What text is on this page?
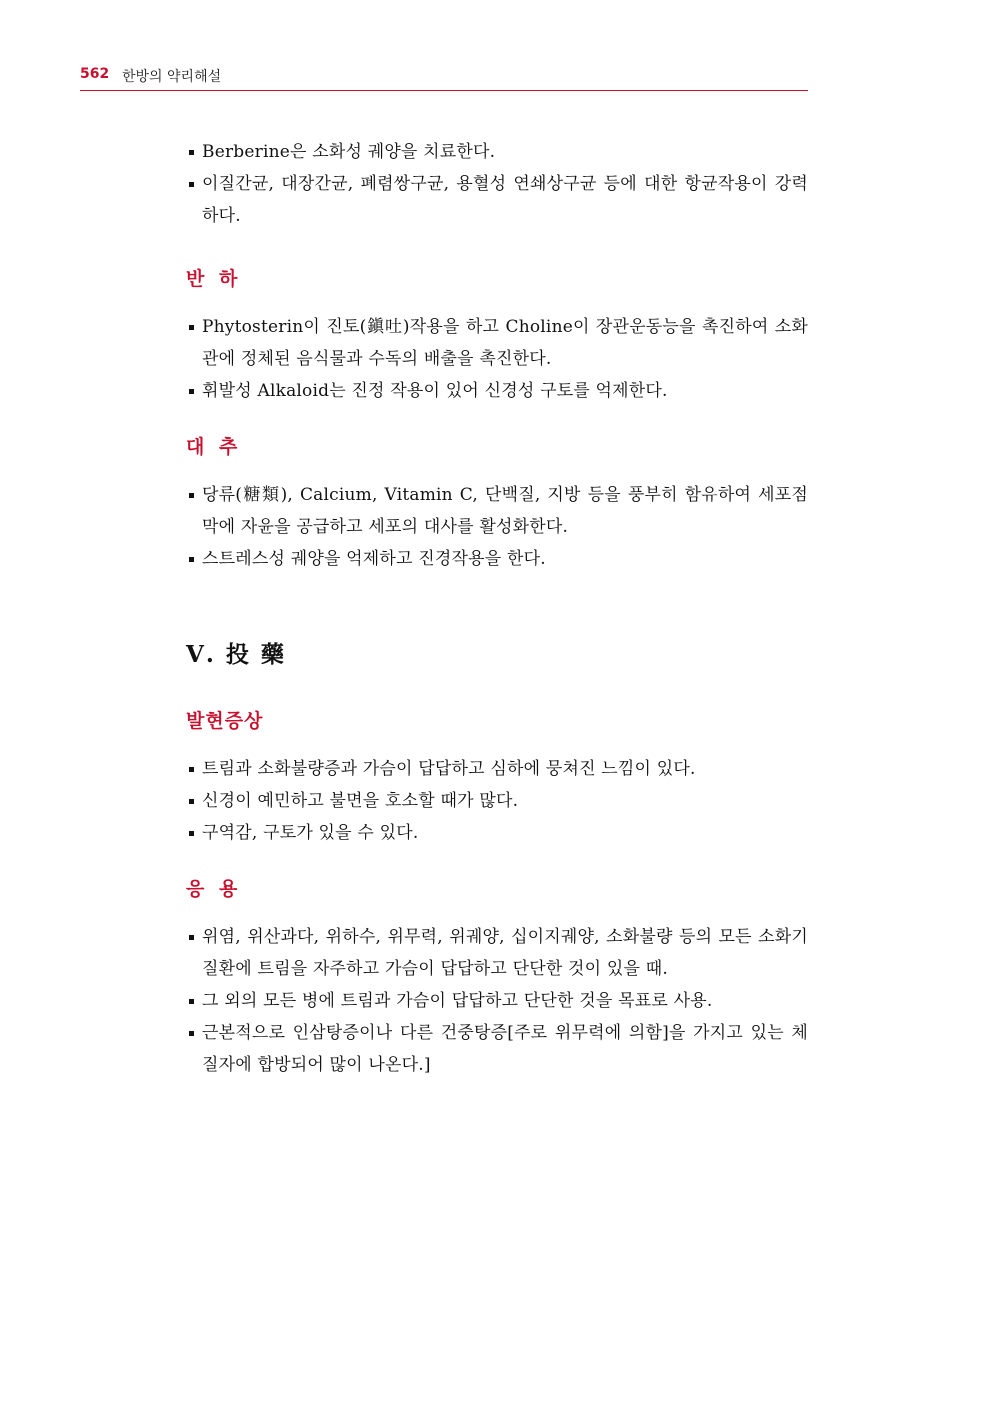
562 한방의 약리해설
Berberine은 소화성 궤양을 치료한다.
이질간균, 대장간균, 폐렴쌍구균, 용혈성 연쇄상구균 등에 대한 항균작용이 강력하다.
반 하
Phytosterin이 진토(鎭吐)작용을 하고 Choline이 장관운동능을 촉진하여 소화관에 정체된 음식물과 수독의 배출을 촉진한다.
휘발성 Alkaloid는 진정 작용이 있어 신경성 구토를 억제한다.
대 추
당류(糖類), Calcium, Vitamin C, 단백질, 지방 등을 풍부히 함유하여 세포점막에 자윤을 공급하고 세포의 대사를 활성화한다.
스트레스성 궤양을 억제하고 진경작용을 한다.
Ⅴ. 投 藥
발현증상
트림과 소화불량증과 가슴이 답답하고 심하에 뭉쳐진 느낌이 있다.
신경이 예민하고 불면을 호소할 때가 많다.
구역감, 구토가 있을 수 있다.
응 용
위염, 위산과다, 위하수, 위무력, 위궤양, 십이지궤양, 소화불량 등의 모든 소화기 질환에 트림을 자주하고 가슴이 답답하고 단단한 것이 있을 때.
그 외의 모든 병에 트림과 가슴이 답답하고 단단한 것을 목표로 사용.
근본적으로 인삼탕증이나 다른 건중탕증[주로 위무력에 의함]을 가지고 있는 체질자에 합방되어 많이 나온다.]
